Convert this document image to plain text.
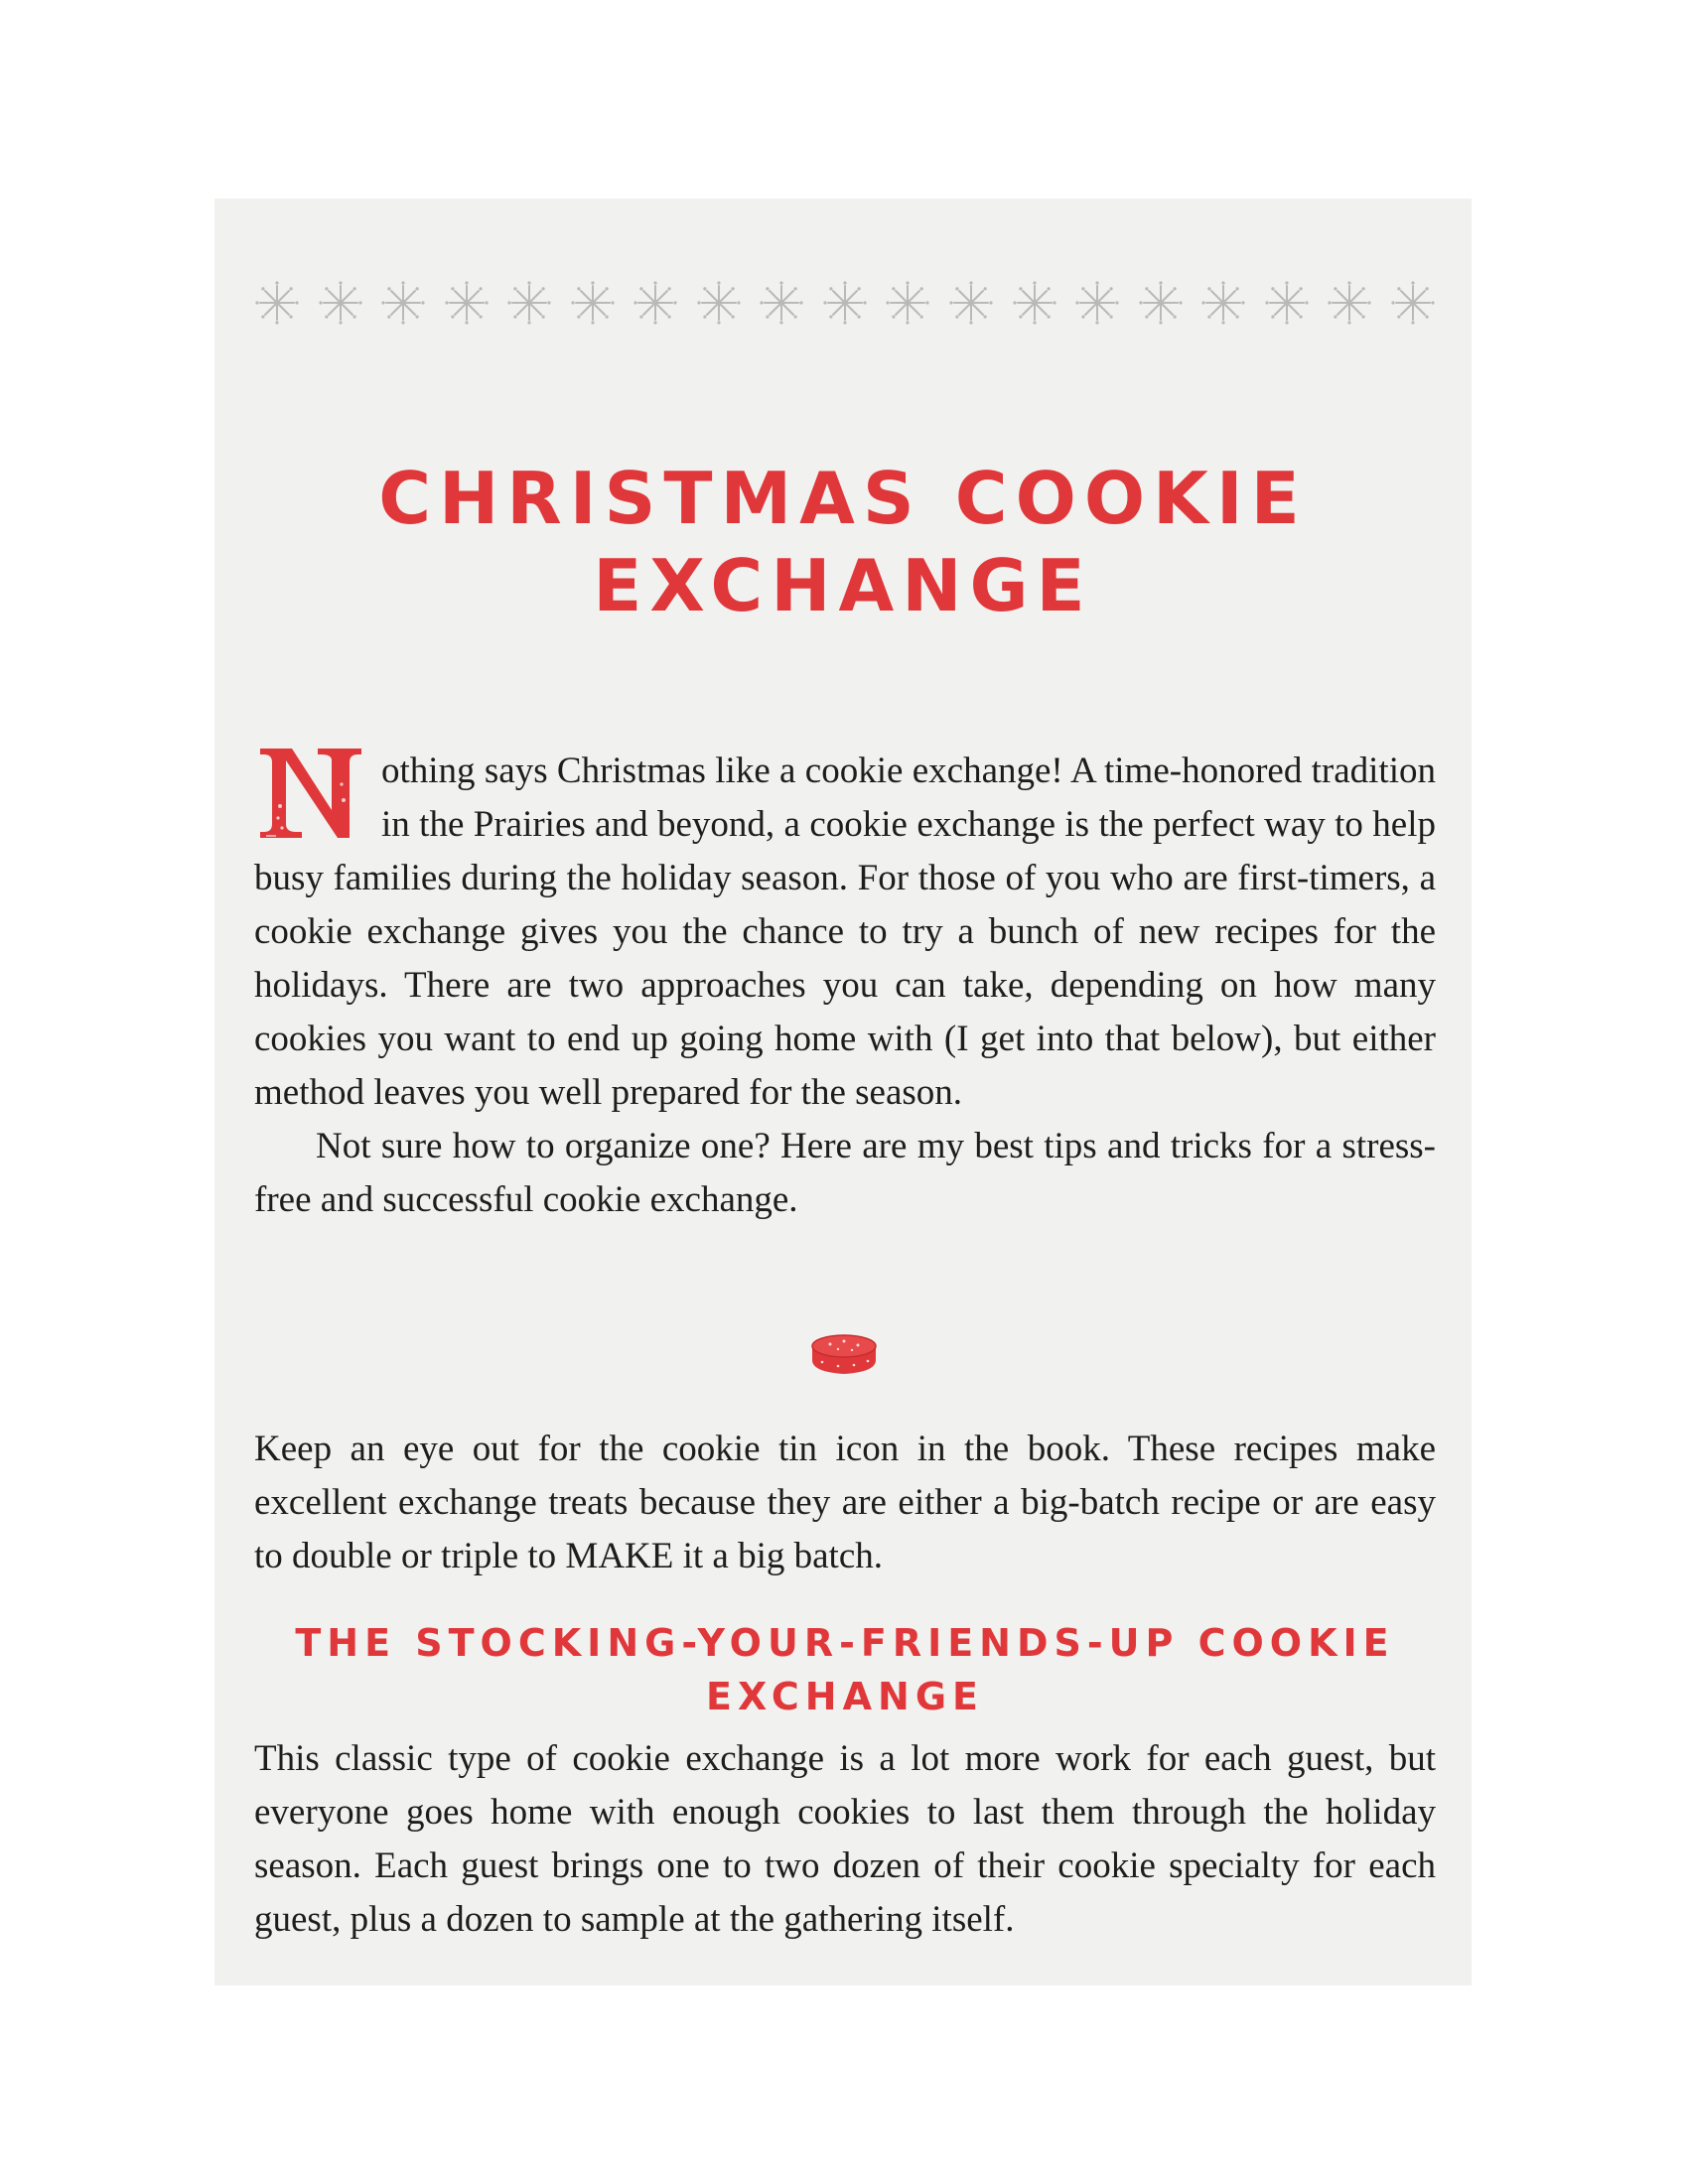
CHRISTMAS COOKIE
EXCHANGE

othing says Christmas like a cookie exchange! A time-honored tradition in the Prairies and beyond, a cookie exchange is the perfect way to help busy families during the holiday season. For those of you who are first-timers, a cookie exchange gives you the chance to try a bunch of new recipes for the holidays. There are two approaches you can take, depending on how many cookies you want to end up going home with (I get into that below), but either method leaves you well prepared for the season.

Not sure how to organize one? Here are my best tips and tricks for a stress-free and successful cookie exchange.

Keep an eye out for the cookie tin icon in the book. These recipes make excellent exchange treats because they are either a big-batch recipe or are easy to double or triple to MAKE it a big batch.

THE STOCKING-YOUR-FRIENDS-UP COOKIE
EXCHANGE

This classic type of cookie exchange is a lot more work for each guest, but everyone goes home with enough cookies to last them through the holiday season. Each guest brings one to two dozen of their cookie specialty for each guest, plus a dozen to sample at the gathering itself.
